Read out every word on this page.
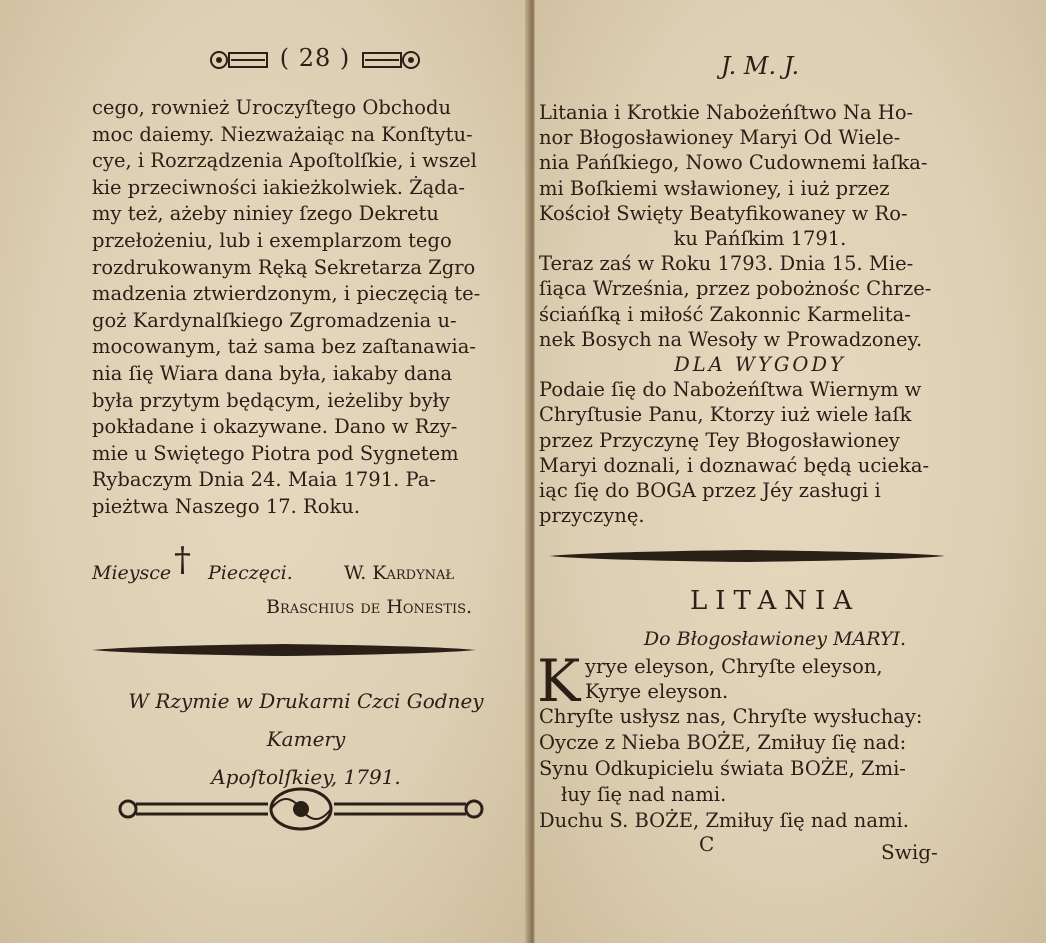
( 28 )
cego, rownież Uroczyſtego Obchodu
moc daiemy. Niezważaiąc na Konſtytu-
cye, i Rozrządzenia Apoſtolſkie, i wszel
kie przeciwności iakieżkolwiek. Żąda-
my też, ażeby niniey ſzego Dekretu
przełożeniu, lub i exemplarzom tego
rozdrukowanym Ręką Sekretarza Zgro
madzenia ztwierdzonym, i pieczęcią te-
goż Kardynalſkiego Zgromadzenia u-
mocowanym, taż sama bez zaſtanawia-
nia ſię Wiara dana była, iakaby dana
była przytym będącym, ieżeliby były
pokładane i okazywane. Dano w Rzy-
mie u Swiętego Piotra pod Sygnetem
Rybaczym Dnia 24. Maia 1791. Pa-
pieżtwa Naszego 17. Roku.
Mieysce † Pieczęci.	W. Kardynał
Braschius de Honestis.
W Rzymie w Drukarni Czci Godney Kamery
Apoſtolſkiey, 1791.
J. M. J.
Litania i Krotkie Nabożeńſtwo Na Ho-
nor Błogosławioney Maryi Od Wiele-
nia Pańſkiego, Nowo Cudownemi łaſka-
mi Boſkiemi wsławioney, i iuż przez
Kościoł Swięty Beatyfikowaney w Ro-
ku Pańſkim 1791.
Teraz zaś w Roku 1793. Dnia 15. Mie-
ſiąca Września, przez pobożnośc Chrze-
ściańſką i miłość Zakonnic Karmelita-
nek Bosych na Wesoły w Prowadzoney.
DLA WYGODY
Podaie ſię do Nabożeńſtwa Wiernym w
Chryſtusie Panu, Ktorzy iuż wiele łaſk
przez Przyczynę Tey Błogosławioney
Maryi doznali, i doznawać będą ucieka-
iąc ſię do BOGA przez Jéy zasługi i
przyczynę.
LITANIA
Do Błogosławioney MARYI.
K yrye eleyson, Chryſte eleyson,
Kyrye eleyson.
Chryſte usłysz nas, Chryſte wysłuchay:
Oycze z Nieba BOŻE, Zmiłuy ſię nad:
Synu Odkupicielu świata BOŻE, Zmi-
łuy ſię nad nami.
Duchu S. BOŻE, Zmiłuy ſię nad nami.
C	Swig-
